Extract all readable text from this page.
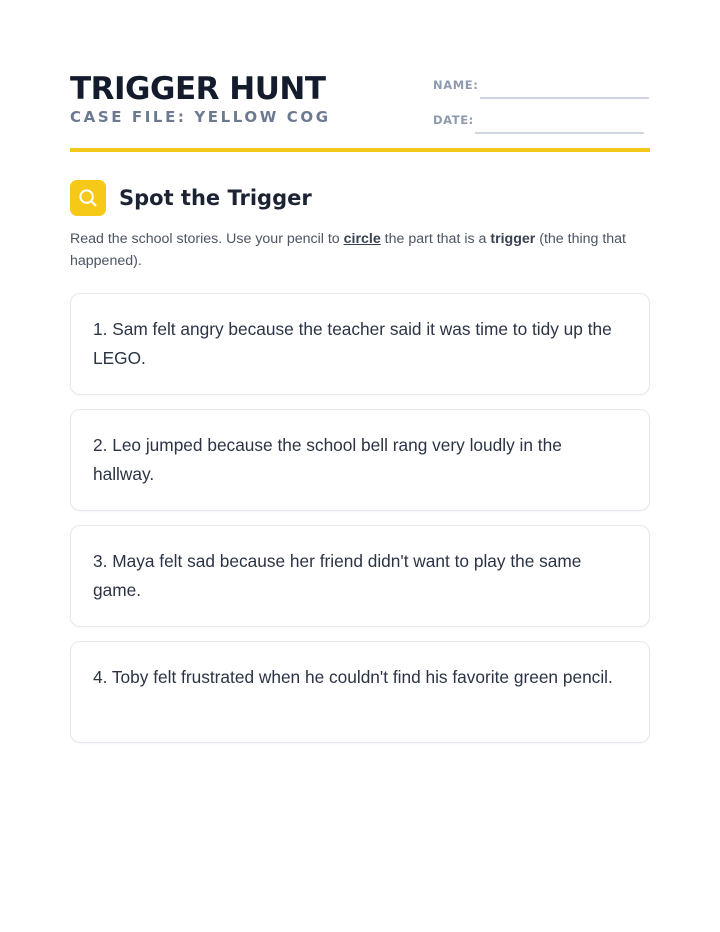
TRIGGER HUNT
CASE FILE: YELLOW COG
NAME:
DATE:
Spot the Trigger

Read the school stories. Use your pencil to circle the part that is a trigger (the thing that happened).

1. Sam felt angry because the teacher said it was time to tidy up the LEGO.
2. Leo jumped because the school bell rang very loudly in the hallway.
3. Maya felt sad because her friend didn't want to play the same game.
4. Toby felt frustrated when he couldn't find his favorite green pencil.
